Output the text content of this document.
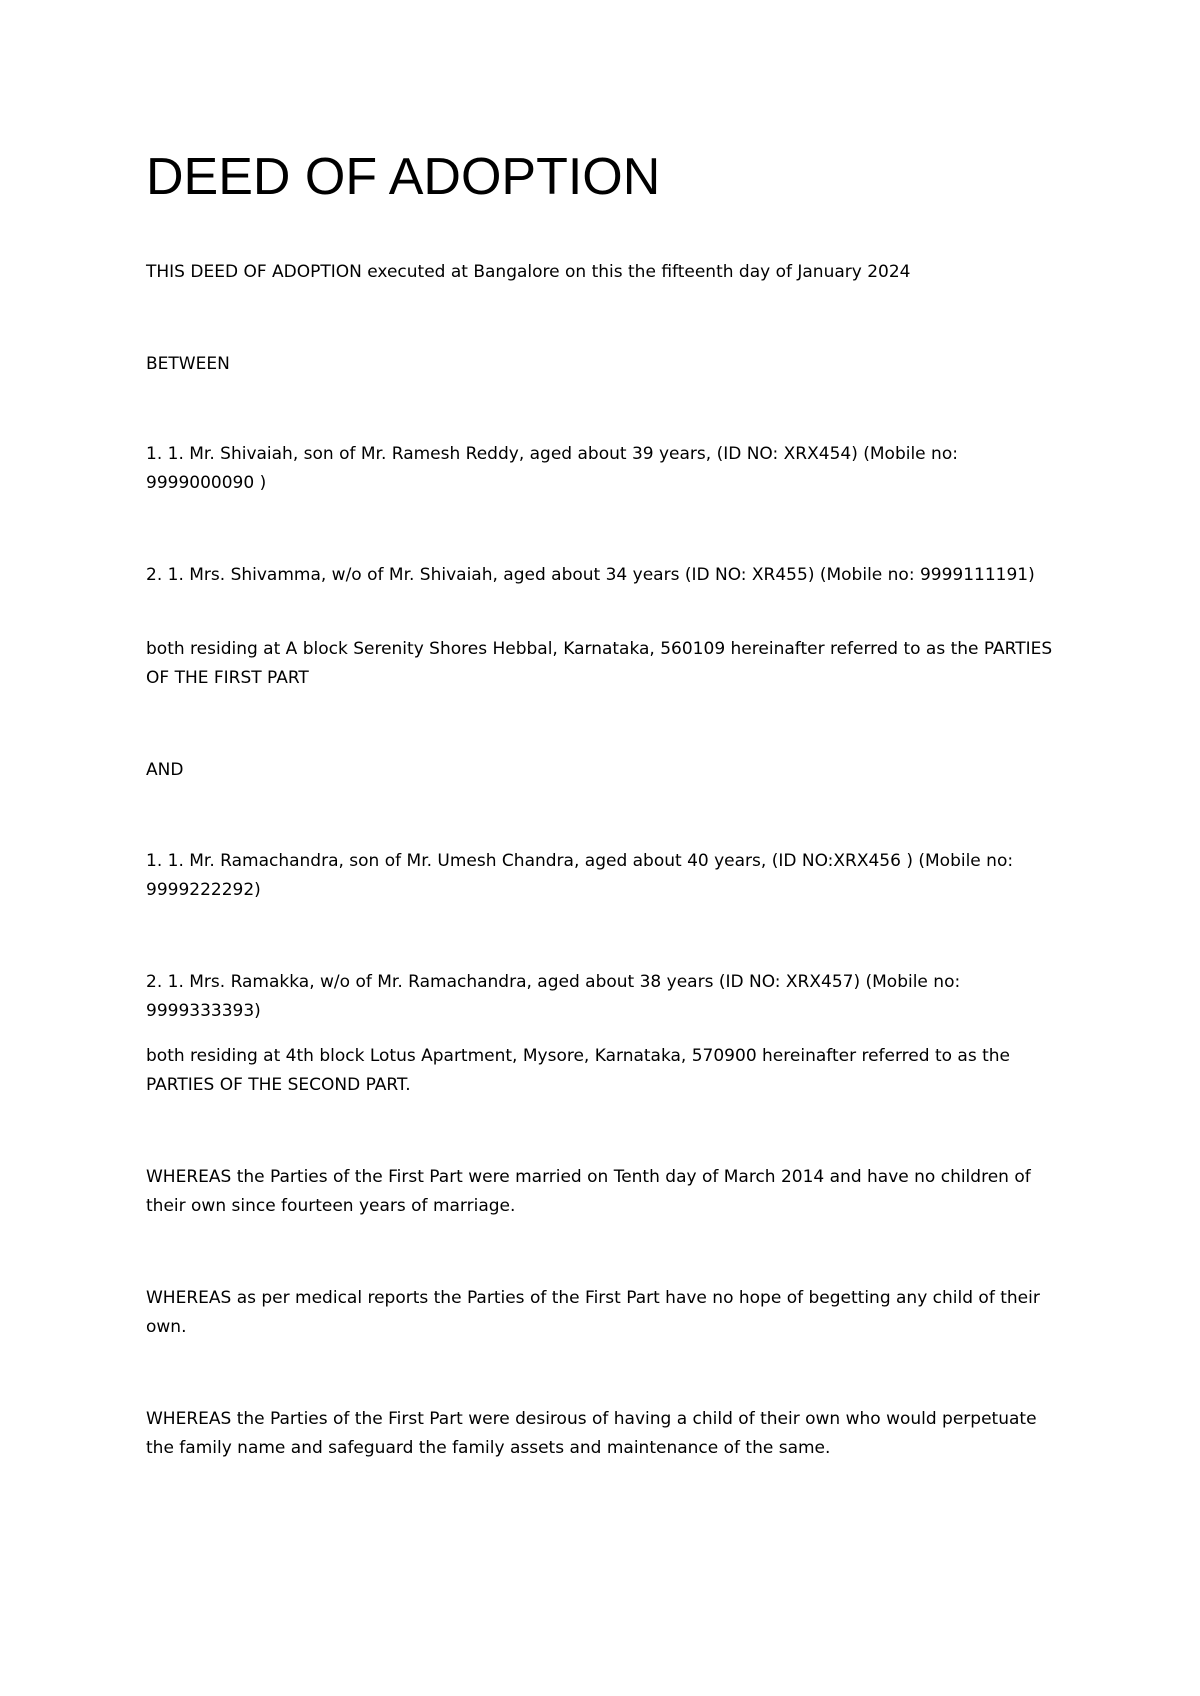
DEED OF ADOPTION

THIS DEED OF ADOPTION executed at Bangalore on this the fifteenth day of January 2024

BETWEEN

1. 1. Mr. Shivaiah, son of Mr. Ramesh Reddy, aged about 39 years, (ID NO: XRX454) (Mobile no: 9999000090 )

2. 1. Mrs. Shivamma, w/o of Mr. Shivaiah, aged about 34 years (ID NO: XR455) (Mobile no: 9999111191)

both residing at A block Serenity Shores Hebbal, Karnataka, 560109 hereinafter referred to as the PARTIES OF THE FIRST PART

AND

1. 1. Mr. Ramachandra, son of Mr. Umesh Chandra, aged about 40 years, (ID NO:XRX456 ) (Mobile no: 9999222292)

2. 1. Mrs. Ramakka, w/o of Mr. Ramachandra, aged about 38 years (ID NO: XRX457) (Mobile no: 9999333393)

both residing at 4th block Lotus Apartment, Mysore, Karnataka, 570900 hereinafter referred to as the PARTIES OF THE SECOND PART.

WHEREAS the Parties of the First Part were married on Tenth day of March 2014 and have no children of their own since fourteen years of marriage.

WHEREAS as per medical reports the Parties of the First Part have no hope of begetting any child of their own.

WHEREAS the Parties of the First Part were desirous of having a child of their own who would perpetuate the family name and safeguard the family assets and maintenance of the same.
